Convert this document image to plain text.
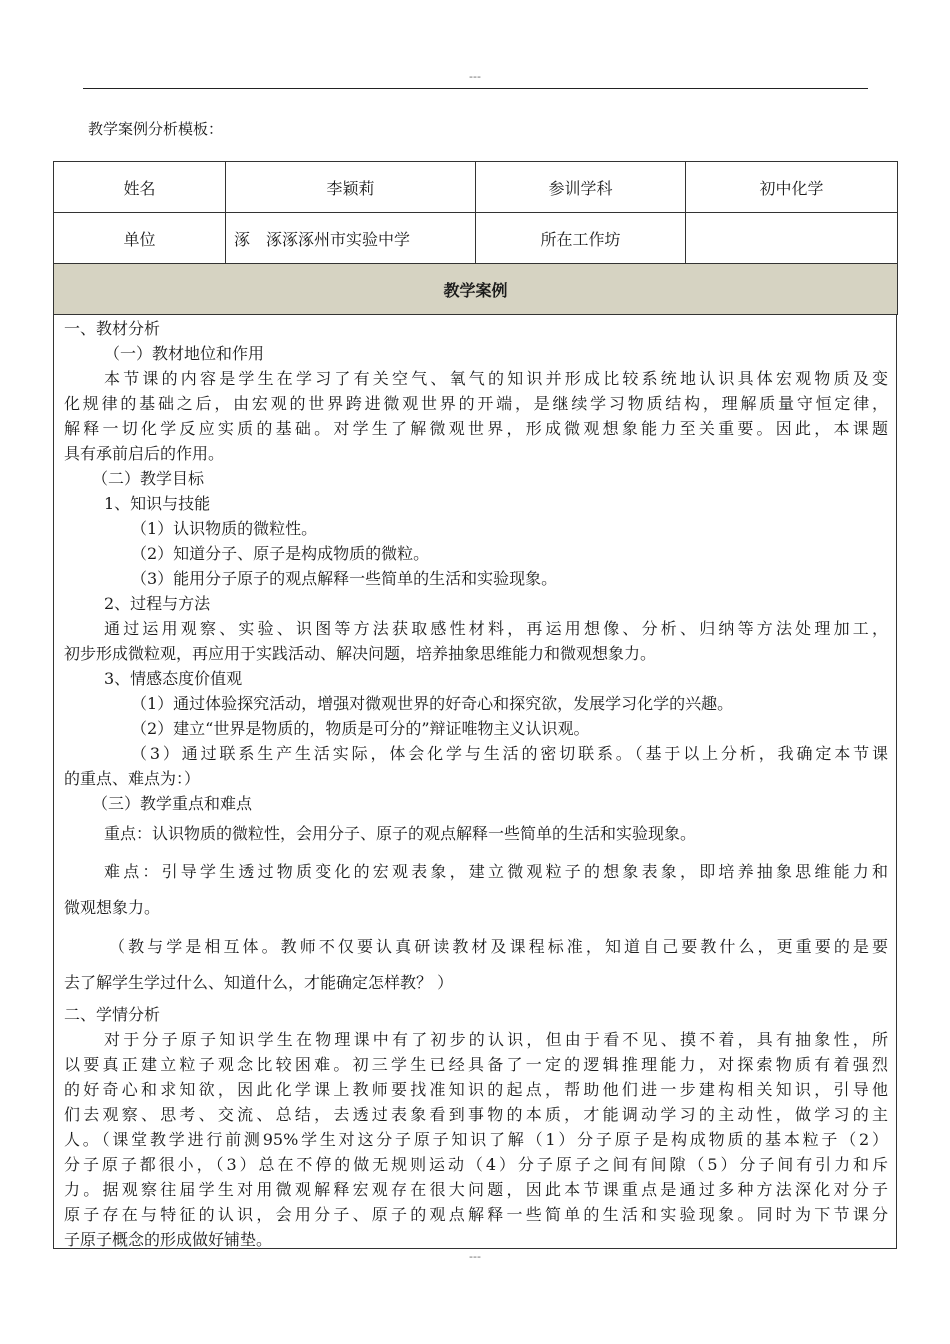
---
教学案例分析模板：
姓名	李颖莉	参训学科	初中化学
单位	涿　涿涿涿州市实验中学	所在工作坊	
教学案例			
一、教材分析
（一）教材地位和作用
本节课的内容是学生在学习了有关空气、氧气的知识并形成比较系统地认识具体宏观物质及变
化规律的基础之后，由宏观的世界跨进微观世界的开端，是继续学习物质结构，理解质量守恒定律，
解释一切化学反应实质的基础。对学生了解微观世界，形成微观想象能力至关重要。因此，本课题
具有承前启后的作用。
（二）教学目标
1、知识与技能
（1）认识物质的微粒性。
（2）知道分子、原子是构成物质的微粒。
（3）能用分子原子的观点解释一些简单的生活和实验现象。
2、过程与方法
通过运用观察、实验、识图等方法获取感性材料，再运用想像、分析、归纳等方法处理加工，
初步形成微粒观，再应用于实践活动、解决问题，培养抽象思维能力和微观想象力。
3、情感态度价值观
（1）通过体验探究活动，增强对微观世界的好奇心和探究欲，发展学习化学的兴趣。
（2）建立“世界是物质的，物质是可分的”辩证唯物主义认识观。
（3）通过联系生产生活实际，体会化学与生活的密切联系。（基于以上分析，我确定本节课
的重点、难点为：）
（三）教学重点和难点
重点：认识物质的微粒性，会用分子、原子的观点解释一些简单的生活和实验现象。
难点：引导学生透过物质变化的宏观表象，建立微观粒子的想象表象，即培养抽象思维能力和
微观想象力。
（教与学是相互体。教师不仅要认真研读教材及课程标准，知道自己要教什么，更重要的是要
去了解学生学过什么、知道什么，才能确定怎样教？ ）
二、学情分析
对于分子原子知识学生在物理课中有了初步的认识，但由于看不见、摸不着，具有抽象性，所
以要真正建立粒子观念比较困难。初三学生已经具备了一定的逻辑推理能力，对探索物质有着强烈
的好奇心和求知欲，因此化学课上教师要找准知识的起点，帮助他们进一步建构相关知识，引导他
们去观察、思考、交流、总结，去透过表象看到事物的本质，才能调动学习的主动性，做学习的主
人。（课堂教学进行前测95%学生对这分子原子知识了解（1）分子原子是构成物质的基本粒子（2）
分子原子都很小，（3）总在不停的做无规则运动（4）分子原子之间有间隙（5）分子间有引力和斥
力。据观察往届学生对用微观解释宏观存在很大问题，因此本节课重点是通过多种方法深化对分子
原子存在与特征的认识，会用分子、原子的观点解释一些简单的生活和实验现象。同时为下节课分
子原子概念的形成做好铺垫。
---
